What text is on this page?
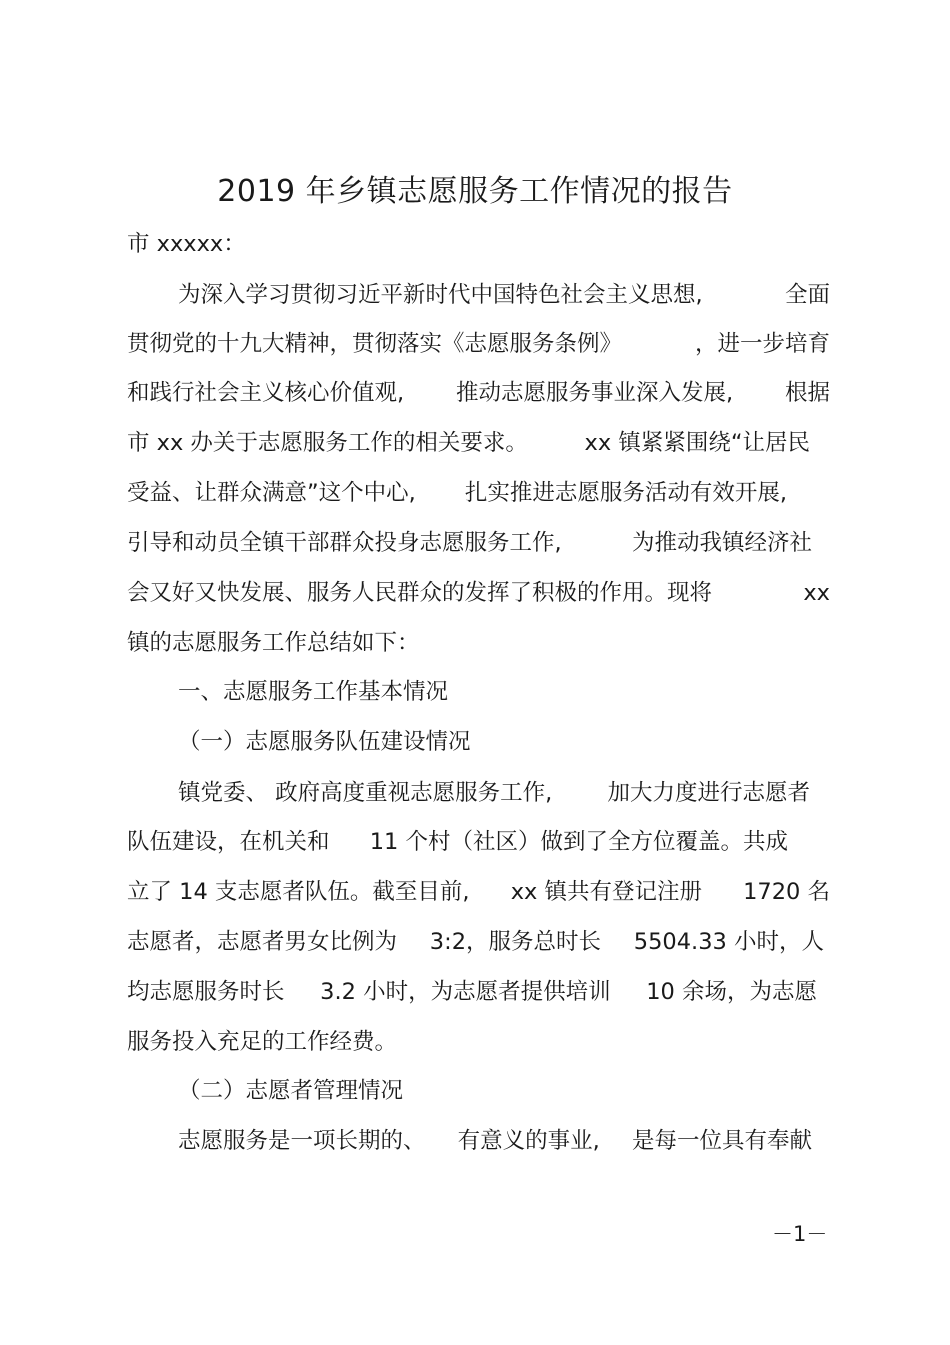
2019 年乡镇志愿服务工作情况的报告
市 xxxxx：
为深入学习贯彻习近平新时代中国特色社会主义思想,	全面
贯彻党的十九大精神，贯彻落实《志愿服务条例》	，进一步培育
和践行社会主义核心价值观, 推动志愿服务事业深入发展, 根据
市 xx 办关于志愿服务工作的相关要求。	xx 镇紧紧围绕“让居民
受益、让群众满意”这个中心, 扎实推进志愿服务活动有效开展,
引导和动员全镇干部群众投身志愿服务工作,	为推动我镇经济社
会又好又快发展、服务人民群众的发挥了积极的作用。现将	xx
镇的志愿服务工作总结如下：
一、志愿服务工作基本情况
（一）志愿服务队伍建设情况
镇党委、 政府高度重视志愿服务工作, 加大力度进行志愿者
队伍建设，在机关和 11 个村（社区）做到了全方位覆盖。共成
立了 14 支志愿者队伍。截至目前, xx 镇共有登记注册 1720 名
志愿者，志愿者男女比例为 3:2，服务总时长 5504.33 小时，人
均志愿服务时长 3.2 小时，为志愿者提供培训 10 余场，为志愿
服务投入充足的工作经费。
（二）志愿者管理情况
志愿服务是一项长期的、 有意义的事业, 是每一位具有奉献
－1－
